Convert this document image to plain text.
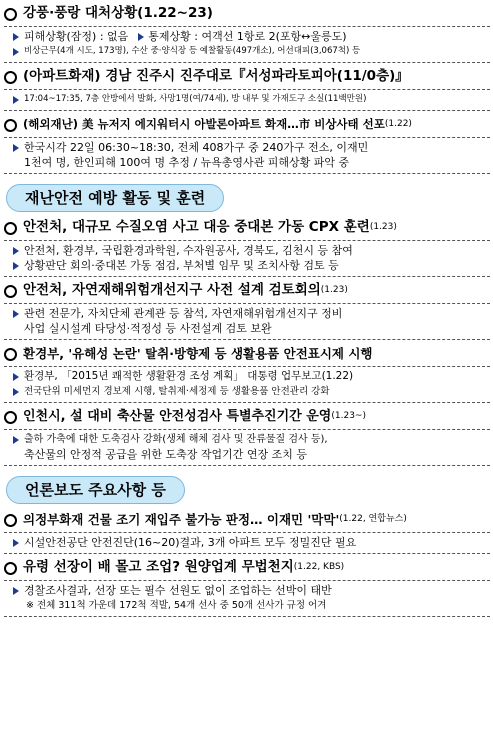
강풍·풍랑 대처상황 (1.22~23)
피해상황(잠정) : 없음 통제상황 : 여객선 1항로 2(포항↔울릉도)
비상근무(4개 시도, 173명), 수산 중·양식장 등 예찰활동(497개소), 어선대피(3,067척) 등
(아파트화재) 경남 진주시 진주대로『서성파라토피아(11/0층)』
17:04~17:35, 7층 안방에서 발화, 사망1명(여/74세), 방 내부 및 가재도구 소실(11백만원)
(해외재난) 美 뉴저지 에지워터시 아발론아파트 화재…市 비상사태 선포 (1.22)
한국시각 22일 06:30~18:30, 전체 408가구 중 240가구 전소, 이재민
1천여 명, 한인피해 100여 명 추정 / 뉴욕총영사관 피해상황 파악 중
재난안전 예방 활동 및 훈련
안전처, 대규모 수질오염 사고 대응 중대본 가동 CPX 훈련 (1.23)
안전처, 환경부, 국립환경과학원, 수자원공사, 경북도, 김천시 등 참여
상황판단 회의·중대본 가동 점검, 부처별 임무 및 조치사항 검토 등
안전처, 자연재해위험개선지구 사전 설계 검토회의 (1.23)
관련 전문가, 자치단체 관계관 등 참석, 자연재해위험개선지구 정비
사업 실시설계 타당성·적정성 등 사전설계 검토 보완
환경부, '유해성 논란' 탈취·방향제 등 생활용품 안전표시제 시행
환경부, 「2015년 쾌적한 생활환경 조성 계획」 대통령 업무보고(1.22)
전국단위 미세먼지 경보제 시행, 탈취제·세정제 등 생활용품 안전관리 강화
인천시, 설 대비 축산물 안전성검사 특별추진기간 운영 (1.23~)
출하 가축에 대한 도축검사 강화(생체 해체 검사 및 잔류물질 검사 등),
축산물의 안정적 공급을 위한 도축장 작업기간 연장 조치 등
언론보도 주요사항 등
의정부화재 건물 조기 재입주 불가능 판정… 이재민 '막막' (1.22, 연합뉴스)
시설안전공단 안전진단(16~20)결과, 3개 아파트 모두 정밀진단 필요
유령 선장이 배 몰고 조업? 원양업계 무법천지 (1.22, KBS)
경찰조사결과, 선장 또는 필수 선원도 없이 조업하는 선박이 태반
※ 전체 311척 가운데 172척 적발, 54개 선사 중 50개 선사가 규정 어겨
